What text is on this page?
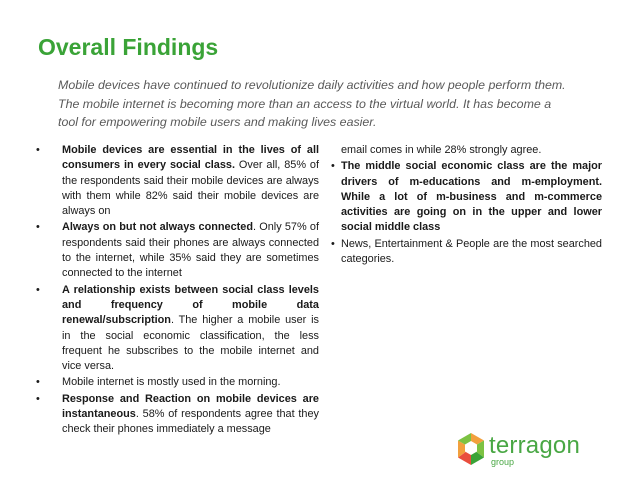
Overall Findings
Mobile devices have continued to revolutionize daily activities and how people perform them. The mobile internet is becoming more than an access to the virtual world. It has become a tool for empowering mobile users and making lives easier.
• Mobile devices are essential in the lives of all consumers in every social class. Over all, 85% of the respondents said their mobile devices are always with them while 82% said their mobile devices are always on
• Always on but not always connected. Only 57% of respondents said their phones are always connected to the internet, while 35% said they are sometimes connected to the internet
• A relationship exists between social class levels and frequency of mobile data renewal/subscription. The higher a mobile user is in the social economic classification, the less frequent he subscribes to the mobile internet and vice versa.
• Mobile internet is mostly used in the morning.
• Response and Reaction on mobile devices are instantaneous. 58% of respondents agree that they check their phones immediately a message
email comes in while 28% strongly agree.
• The middle social economic class are the major drivers of m-educations and m-employment. While a lot of m-business and m-commerce activities are going on in the upper and lower social middle class
• News, Entertainment & People are the most searched categories.
terragon
group
